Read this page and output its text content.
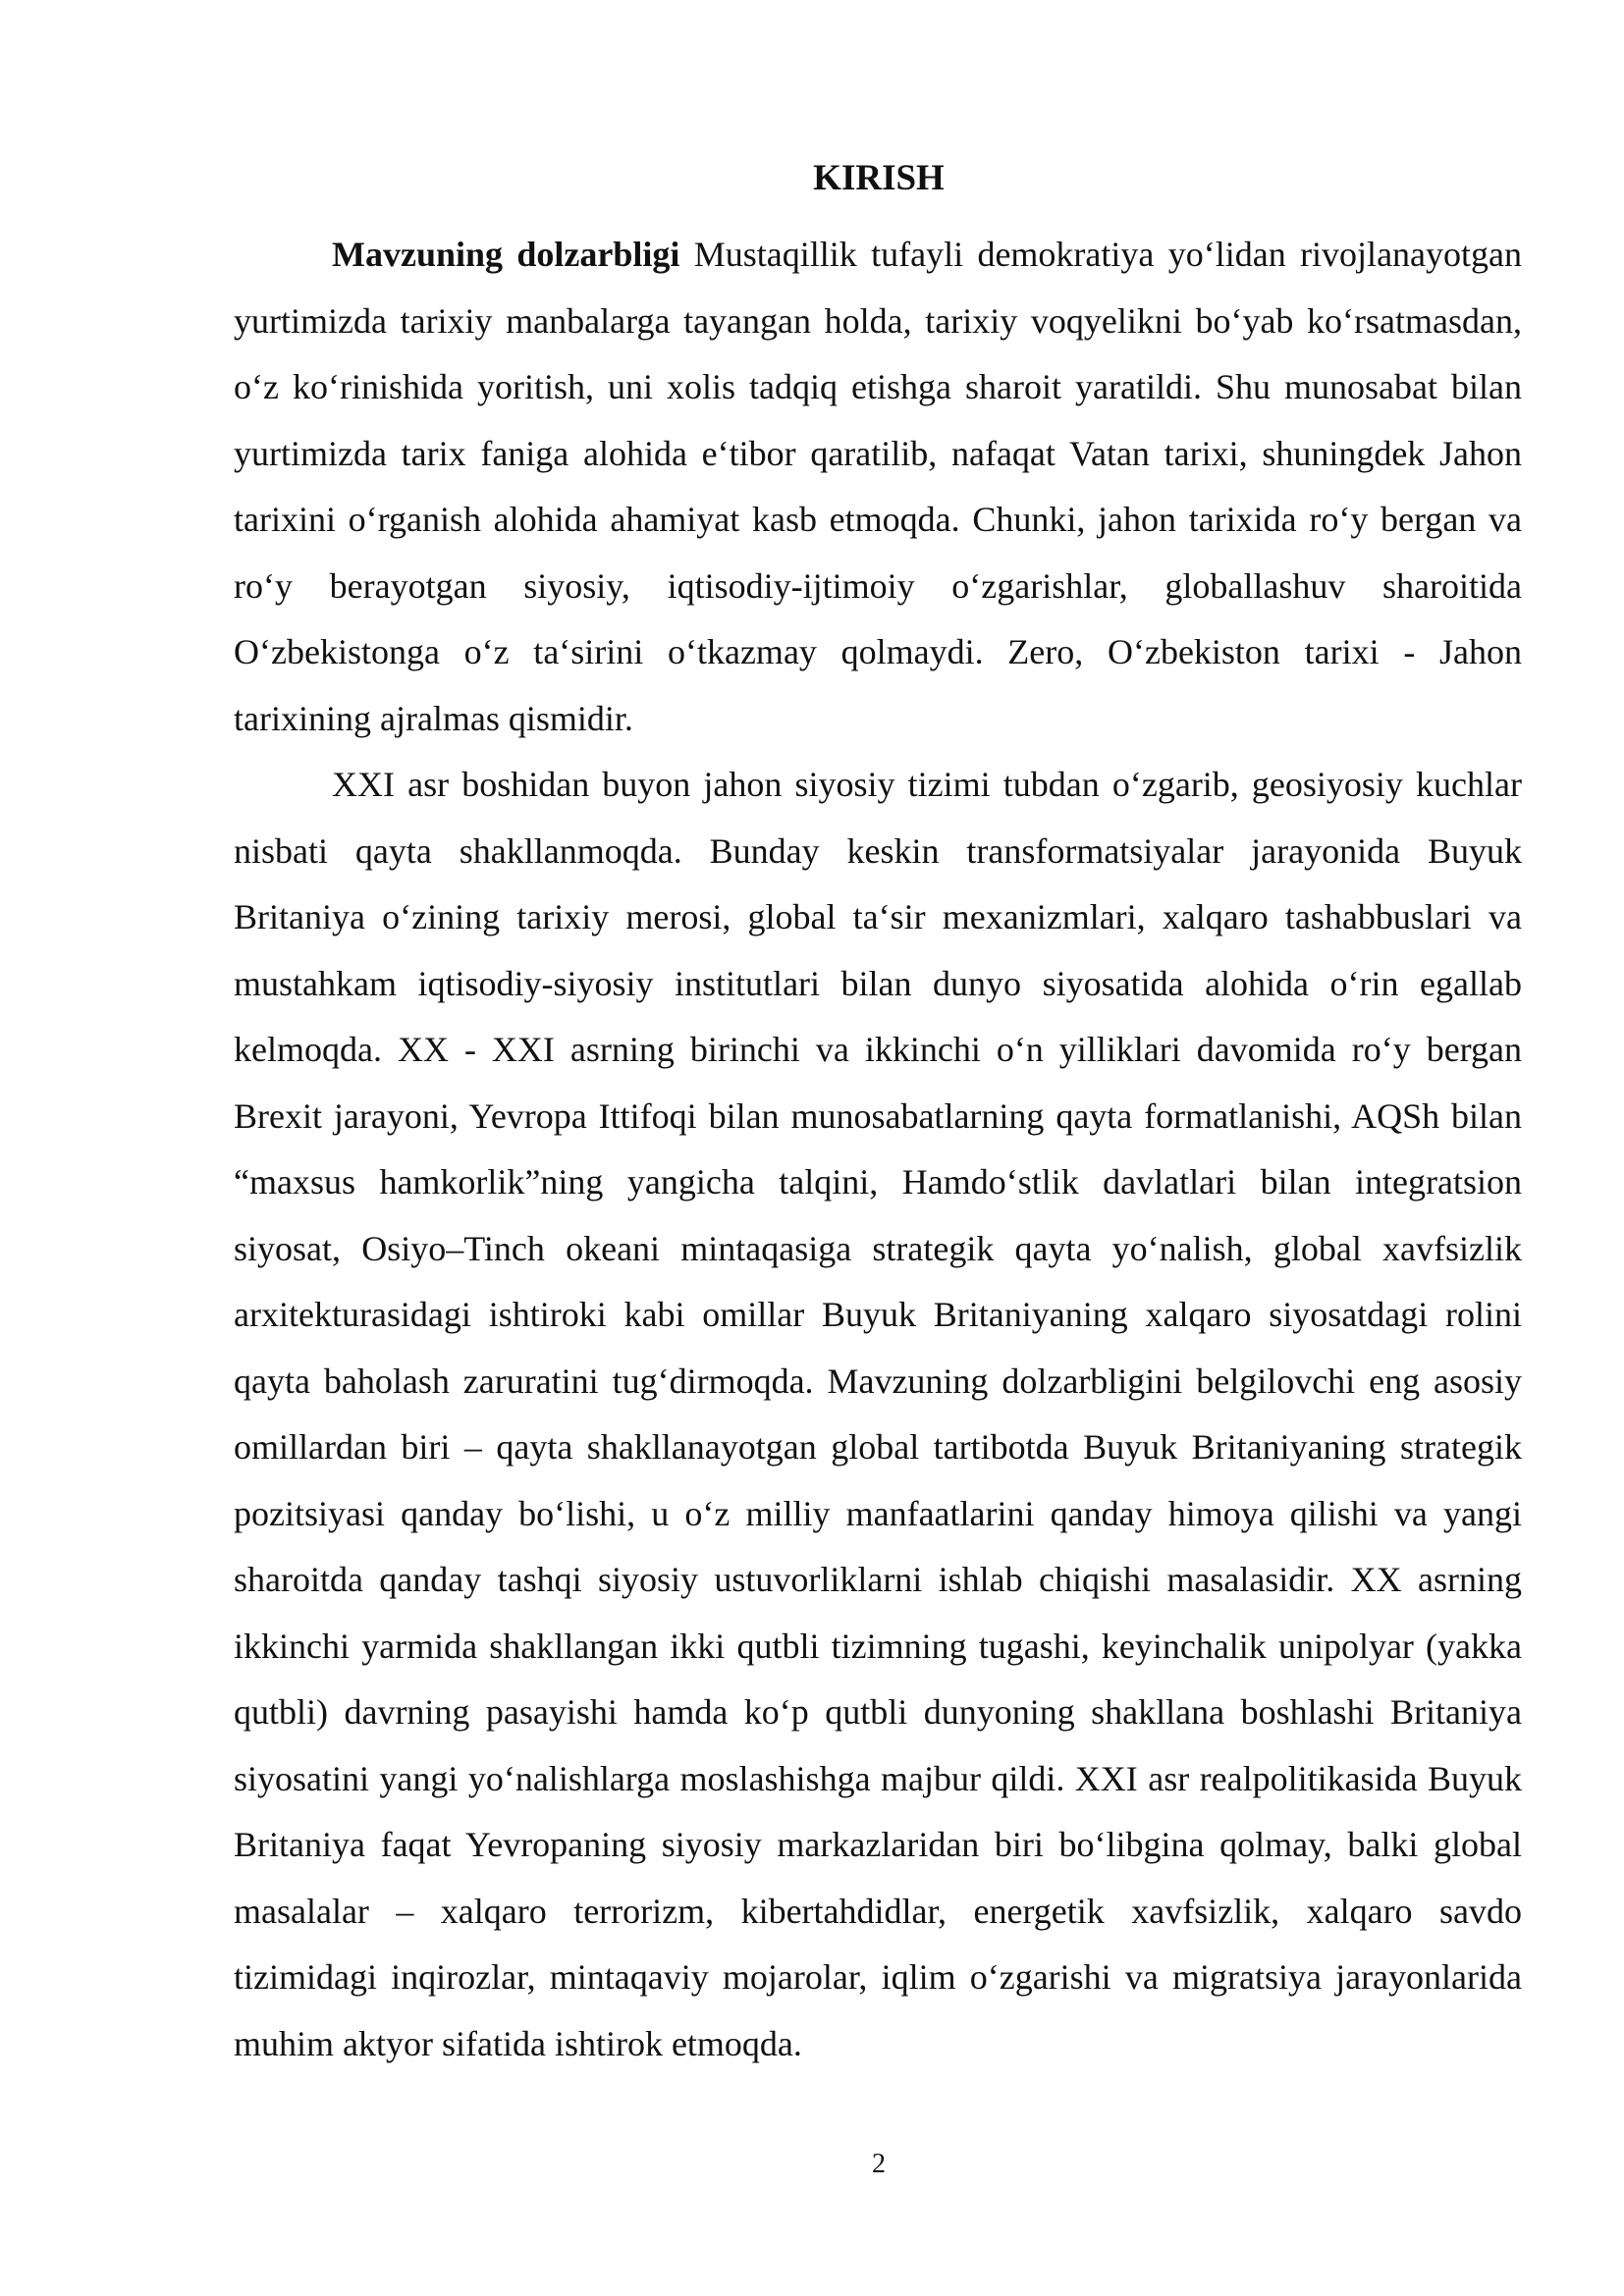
KIRISH

Mavzuning dolzarbligi Mustaqillik tufayli demokratiya yo‘lidan rivojlanayotgan yurtimizda tarixiy manbalarga tayangan holda, tarixiy voqyelikni bo‘yab ko‘rsatmasdan, o‘z ko‘rinishida yoritish, uni xolis tadqiq etishga sharoit yaratildi. Shu munosabat bilan yurtimizda tarix faniga alohida e‘tibor qaratilib, nafaqat Vatan tarixi, shuningdek Jahon tarixini o‘rganish alohida ahamiyat kasb etmoqda. Chunki, jahon tarixida ro‘y bergan va ro‘y berayotgan siyosiy, iqtisodiy-ijtimoiy o‘zgarishlar, globallashuv sharoitida O‘zbekistonga o‘z ta‘sirini o‘tkazmay qolmaydi. Zero, O‘zbekiston tarixi - Jahon tarixining ajralmas qismidir.

XXI asr boshidan buyon jahon siyosiy tizimi tubdan o‘zgarib, geosiyosiy kuchlar nisbati qayta shakllanmoqda. Bunday keskin transformatsiyalar jarayonida Buyuk Britaniya o‘zining tarixiy merosi, global ta‘sir mexanizmlari, xalqaro tashabbuslari va mustahkam iqtisodiy-siyosiy institutlari bilan dunyo siyosatida alohida o‘rin egallab kelmoqda. XX - XXI asrning birinchi va ikkinchi o‘n yilliklari davomida ro‘y bergan Brexit jarayoni, Yevropa Ittifoqi bilan munosabatlarning qayta formatlanishi, AQSh bilan “maxsus hamkorlik”ning yangicha talqini, Hamdo‘stlik davlatlari bilan integratsion siyosat, Osiyo–Tinch okeani mintaqasiga strategik qayta yo‘nalish, global xavfsizlik arxitekturasidagi ishtiroki kabi omillar Buyuk Britaniyaning xalqaro siyosatdagi rolini qayta baholash zaruratini tug‘dirmoqda. Mavzuning dolzarbligini belgilovchi eng asosiy omillardan biri – qayta shakllanayotgan global tartibotda Buyuk Britaniyaning strategik pozitsiyasi qanday bo‘lishi, u o‘z milliy manfaatlarini qanday himoya qilishi va yangi sharoitda qanday tashqi siyosiy ustuvorliklarni ishlab chiqishi masalasidir. XX asrning ikkinchi yarmida shakllangan ikki qutbli tizimning tugashi, keyinchalik unipolyar (yakka qutbli) davrning pasayishi hamda ko‘p qutbli dunyoning shakllana boshlashi Britaniya siyosatini yangi yo‘nalishlarga moslashishga majbur qildi. XXI asr realpolitikasida Buyuk Britaniya faqat Yevropaning siyosiy markazlaridan biri bo‘libgina qolmay, balki global masalalar – xalqaro terrorizm, kibertahdidlar, energetik xavfsizlik, xalqaro savdo tizimidagi inqirozlar, mintaqaviy mojarolar, iqlim o‘zgarishi va migratsiya jarayonlarida muhim aktyor sifatida ishtirok etmoqda.

2
